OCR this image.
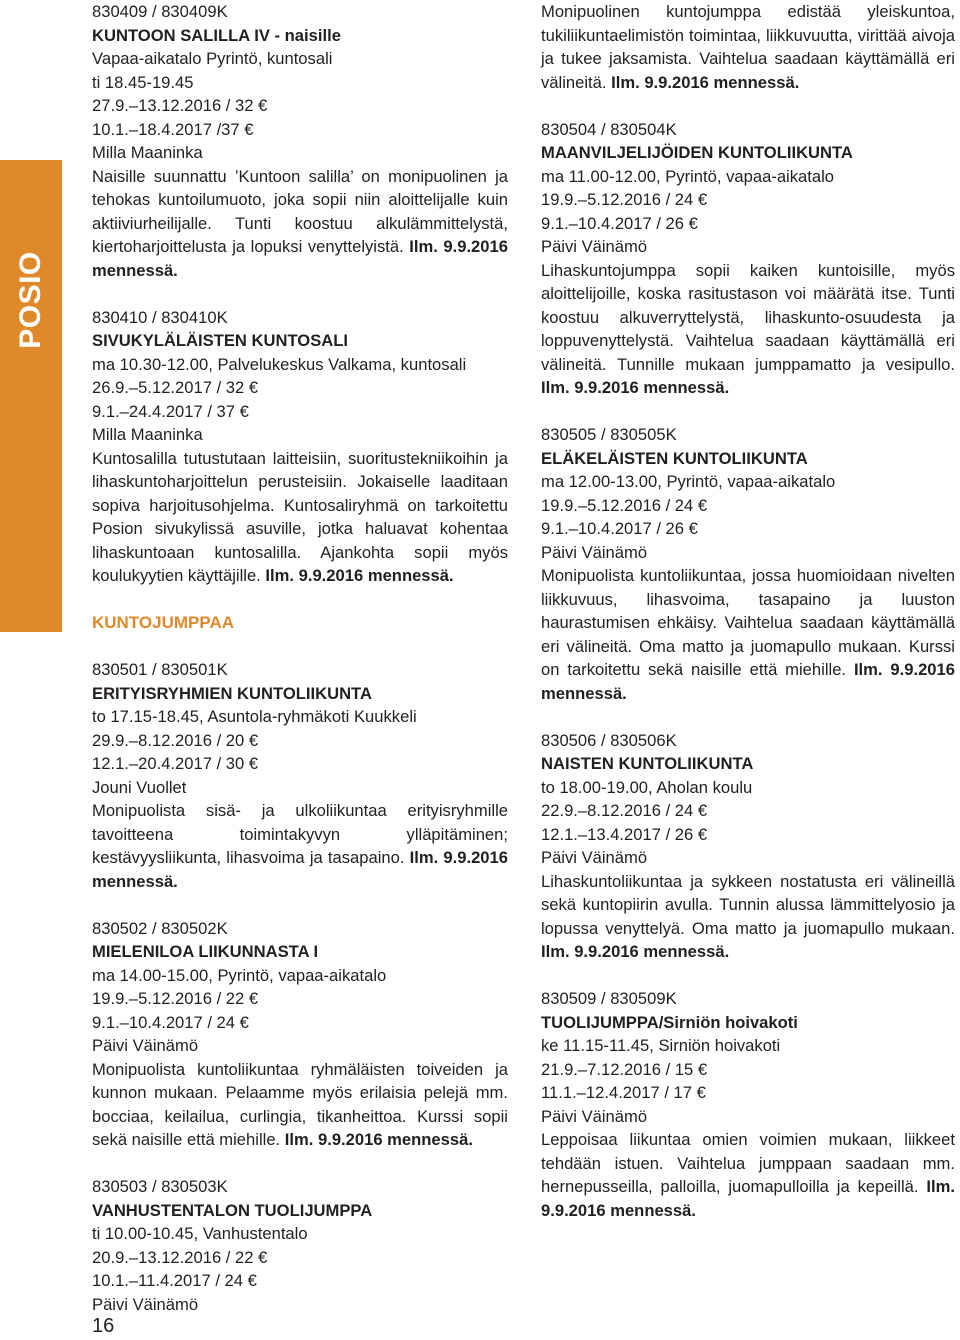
POSIO
830409 / 830409K
KUNTOON SALILLA IV - naisille
Vapaa-aikatalo Pyrintö, kuntosali
ti 18.45-19.45
27.9.–13.12.2016 / 32 €
10.1.–18.4.2017 /37 €
Milla Maaninka
Naisille suunnattu ’Kuntoon salilla’ on monipuolinen ja tehokas kuntoilumuoto, joka sopii niin aloittelijalle kuin aktiiviurheilijalle. Tunti koostuu alkulämmittelystä, kiertoharjoittelusta ja lopuksi venyttelyistä. Ilm. 9.9.2016 mennessä.
830410 / 830410K
SIVUKYLÄLÄISTEN KUNTOSALI
ma 10.30-12.00, Palvelukeskus Valkama, kuntosali
26.9.–5.12.2017 / 32 €
9.1.–24.4.2017 / 37 €
Milla Maaninka
Kuntosalilla tutustutaan laitteisiin, suoritustekniikoihin ja lihaskuntoharjoittelun perusteisiin. Jokaiselle laaditaan sopiva harjoitusohjelma. Kuntosaliryhmä on tarkoitettu Posion sivukylissä asuville, jotka haluavat kohentaa lihaskuntoaan kuntosalilla. Ajankohta sopii myös koulukyytien käyttäjille. Ilm. 9.9.2016 mennessä.
KUNTOJUMPPAA
830501 / 830501K
ERITYISRYHMIEN KUNTOLIIKUNTA
to 17.15-18.45, Asuntola-ryhmäkoti Kuukkeli
29.9.–8.12.2016 / 20 €
12.1.–20.4.2017 / 30 €
Jouni Vuollet
Monipuolista sisä- ja ulkoliikuntaa erityisryhmille tavoitteena toimintakyvyn ylläpitäminen; kestävyysliikunta, lihasvoima ja tasapaino. Ilm. 9.9.2016 mennessä.
830502 / 830502K
MIELENILOA LIIKUNNASTA I
ma 14.00-15.00, Pyrintö, vapaa-aikatalo
19.9.–5.12.2016 / 22 €
9.1.–10.4.2017 / 24 €
Päivi Väinämö
Monipuolista kuntoliikuntaa ryhmäläisten toiveiden ja kunnon mukaan. Pelaamme myös erilaisia pelejä mm. bocciaa, keilailua, curlingia, tikanheittoa. Kurssi sopii sekä naisille että miehille. Ilm. 9.9.2016 mennessä.
830503 / 830503K
VANHUSTENTALON TUOLIJUMPPA
ti 10.00-10.45, Vanhustentalo
20.9.–13.12.2016 / 22 €
10.1.–11.4.2017 / 24 €
Päivi Väinämö
Monipuolinen kuntojumppa edistää yleiskuntoa, tukiliikuntaelimistön toimintaa, liikkuvuutta, virittää aivoja ja tukee jaksamista. Vaihtelua saadaan käyttämällä eri välineitä. Ilm. 9.9.2016 mennessä.
830504 / 830504K
MAANVILJELIJÖIDEN KUNTOLIIKUNTA
ma 11.00-12.00, Pyrintö, vapaa-aikatalo
19.9.–5.12.2016 / 24 €
9.1.–10.4.2017 / 26 €
Päivi Väinämö
Lihaskuntojumppa sopii kaiken kuntoisille, myös aloittelijoille, koska rasitustason voi määrätä itse. Tunti koostuu alkuverryttelystä, lihaskunto-osuudesta ja loppuvenyttelystä. Vaihtelua saadaan käyttämällä eri välineitä. Tunnille mukaan jumppamatto ja vesipullo. Ilm. 9.9.2016 mennessä.
830505 / 830505K
ELÄKELÄISTEN KUNTOLIIKUNTA
ma 12.00-13.00, Pyrintö, vapaa-aikatalo
19.9.–5.12.2016 / 24 €
9.1.–10.4.2017 / 26 €
Päivi Väinämö
Monipuolista kuntoliikuntaa, jossa huomioidaan nivelten liikkuvuus, lihasvoima, tasapaino ja luuston haurastumisen ehkäisy. Vaihtelua saadaan käyttämällä eri välineitä. Oma matto ja juomapullo mukaan. Kurssi on tarkoitettu sekä naisille että miehille. Ilm. 9.9.2016 mennessä.
830506 / 830506K
NAISTEN KUNTOLIIKUNTA
to 18.00-19.00, Aholan koulu
22.9.–8.12.2016 / 24 €
12.1.–13.4.2017 / 26 €
Päivi Väinämö
Lihaskuntoliikuntaa ja sykkeen nostatusta eri välineillä sekä kuntopiirin avulla. Tunnin alussa lämmittelyosio ja lopussa venyttelyä. Oma matto ja juomapullo mukaan. Ilm. 9.9.2016 mennessä.
830509 / 830509K
TUOLIJUMPPA/Sirniön hoivakoti
ke 11.15-11.45, Sirniön hoivakoti
21.9.–7.12.2016 / 15 €
11.1.–12.4.2017 / 17 €
Päivi Väinämö
Leppoisaa liikuntaa omien voimien mukaan, liikkeet tehdään istuen. Vaihtelua jumppaan saadaan mm. hernepusseilla, palloilla, juomapulloilla ja kepeillä. Ilm. 9.9.2016 mennessä.
16
